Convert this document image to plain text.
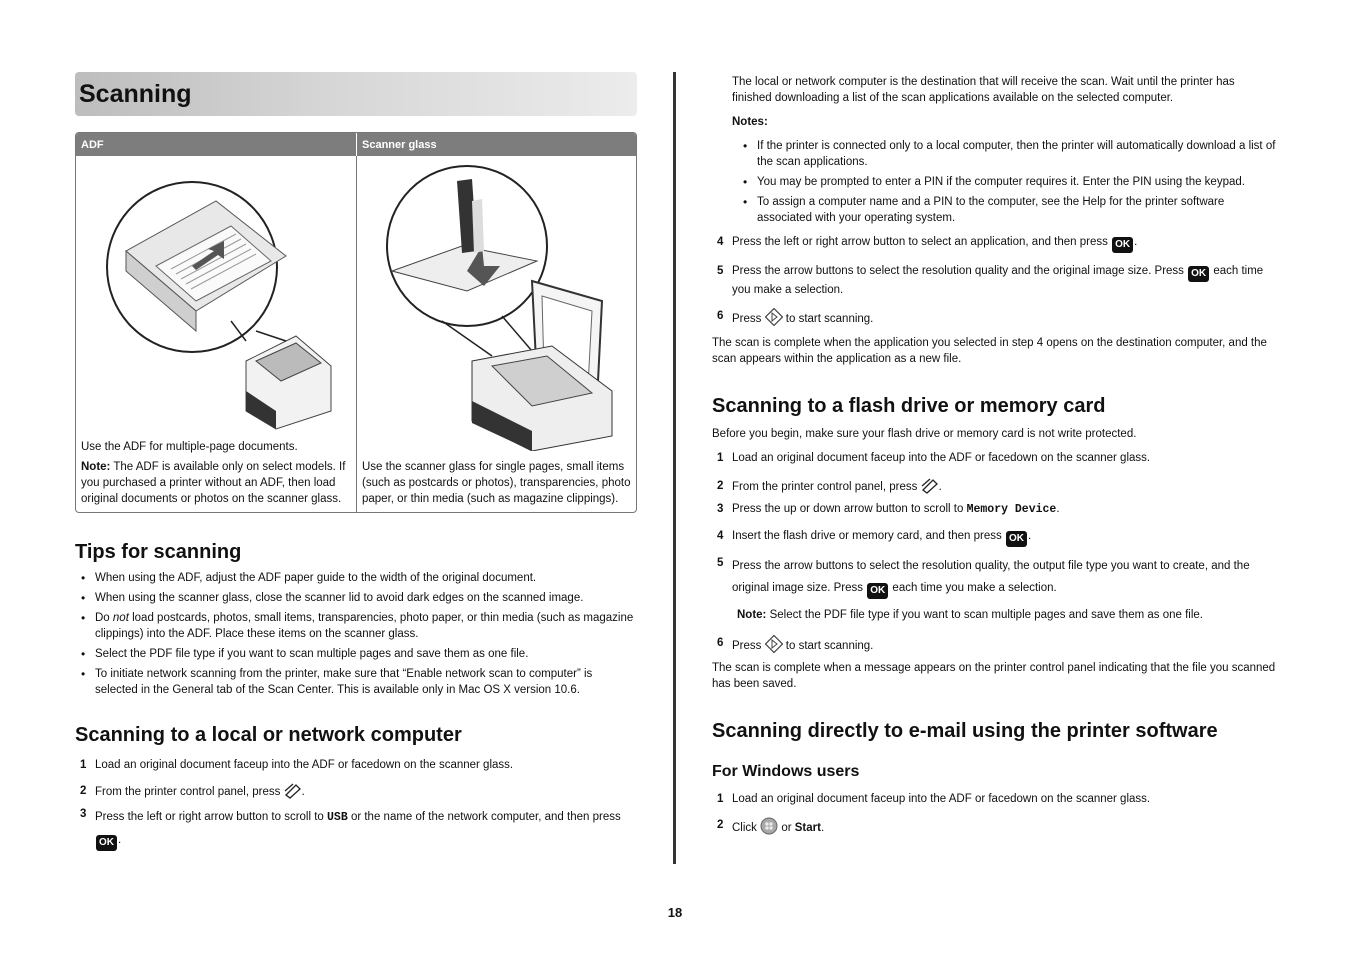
Scanning
ADF	Scanner glass

Use the ADF for multiple-page documents.

Note: The ADF is available only on select models. If you purchased a printer without an ADF, then load original documents or photos on the scanner glass.	Use the scanner glass for single pages, small items (such as postcards or photos), transparencies, photo paper, or thin media (such as magazine clippings).

Tips for scanning
• When using the ADF, adjust the ADF paper guide to the width of the original document.
• When using the scanner glass, close the scanner lid to avoid dark edges on the scanned image.
• Do not load postcards, photos, small items, transparencies, photo paper, or thin media (such as magazine clippings) into the ADF. Place these items on the scanner glass.
• Select the PDF file type if you want to scan multiple pages and save them as one file.
• To initiate network scanning from the printer, make sure that “Enable network scan to computer” is selected in the General tab of the Scan Center. This is available only in Mac OS X version 10.6.
Scanning to a local or network computer
1 Load an original document faceup into the ADF or facedown on the scanner glass.
2 From the printer control panel, press .
3 Press the left or right arrow button to scroll to USB or the name of the network computer, and then press OK .

The local or network computer is the destination that will receive the scan. Wait until the printer has finished downloading a list of the scan applications available on the selected computer.

Notes:

• If the printer is connected only to a local computer, then the printer will automatically download a list of the scan applications.
• You may be prompted to enter a PIN if the computer requires it. Enter the PIN using the keypad.
• To assign a computer name and a PIN to the computer, see the Help for the printer software associated with your operating system.
4 Press the left or right arrow button to select an application, and then press OK .
5 Press the arrow buttons to select the resolution quality and the original image size. Press OK each time you make a selection.
6 Press  to start scanning.

The scan is complete when the application you selected in step 4 opens on the destination computer, and the scan appears within the application as a new file.

Scanning to a flash drive or memory card

Before you begin, make sure your flash drive or memory card is not write protected.

1 Load an original document faceup into the ADF or facedown on the scanner glass.
2 From the printer control panel, press .
3 Press the up or down arrow button to scroll to Memory Device.
4 Insert the flash drive or memory card, and then press OK .
5 Press the arrow buttons to select the resolution quality, the output file type you want to create, and the original image size. Press OK each time you make a selection.

Note: Select the PDF file type if you want to scan multiple pages and save them as one file.

6 Press  to start scanning.

The scan is complete when a message appears on the printer control panel indicating that the file you scanned has been saved.

Scanning directly to e-mail using the printer software
For Windows users
1 Load an original document faceup into the ADF or facedown on the scanner glass.
2 Click  or Start.
18
